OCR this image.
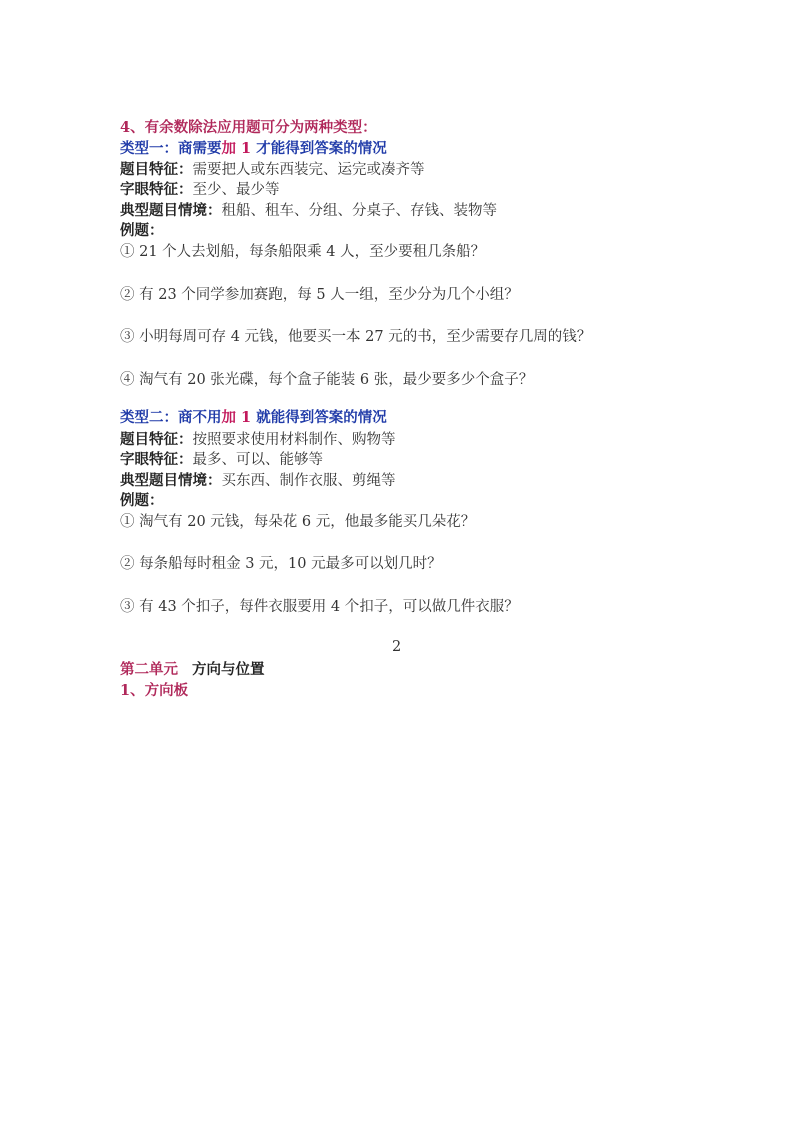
4、有余数除法应用题可分为两种类型：
类型一：商需要加 1 才能得到答案的情况
题目特征：需要把人或东西装完、运完或凑齐等
字眼特征：至少、最少等
典型题目情境：租船、租车、分组、分桌子、存钱、装物等
例题：
① 21 个人去划船，每条船限乘 4 人，至少要租几条船？
② 有 23 个同学参加赛跑，每 5 人一组，至少分为几个小组？
③ 小明每周可存 4 元钱，他要买一本 27 元的书，至少需要存几周的钱？
④ 淘气有 20 张光碟，每个盒子能装 6 张，最少要多少个盒子？
类型二：商不用加 1 就能得到答案的情况
题目特征：按照要求使用材料制作、购物等
字眼特征：最多、可以、能够等
典型题目情境：买东西、制作衣服、剪绳等
例题：
① 淘气有 20 元钱，每朵花 6 元，他最多能买几朵花？
② 每条船每时租金 3 元，10 元最多可以划几时？
③ 有 43 个扣子，每件衣服要用 4 个扣子，可以做几件衣服？
2
第二单元 方向与位置
1、方向板
